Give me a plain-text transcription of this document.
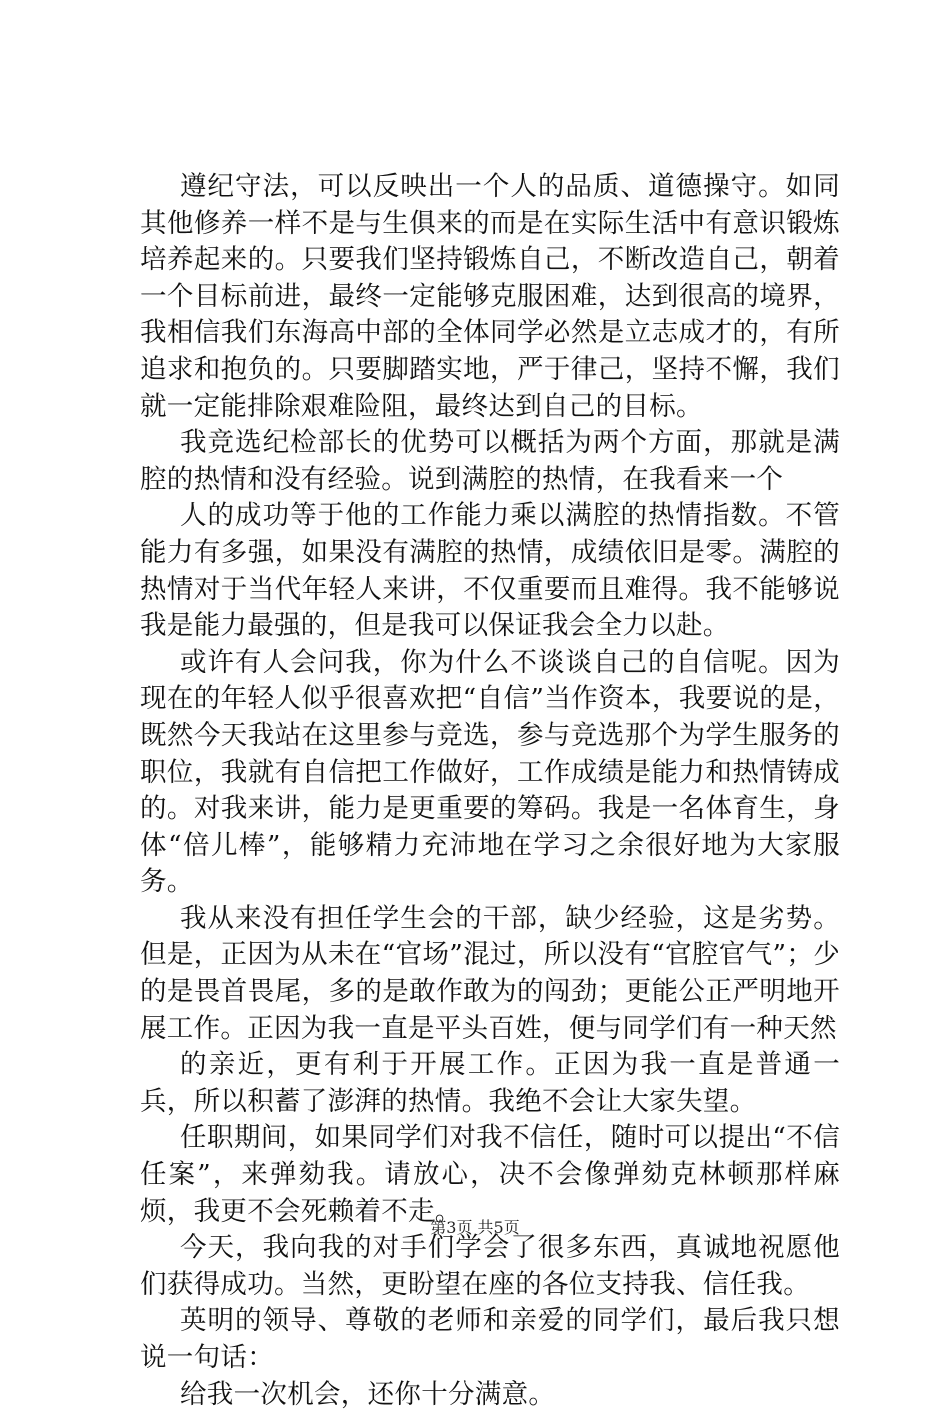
遵纪守法，可以反映出一个人的品质、道德操守。如同其他修养一样不是与生俱来的而是在实际生活中有意识锻炼培养起来的。只要我们坚持锻炼自己，不断改造自己，朝着一个目标前进，最终一定能够克服困难，达到很高的境界，我相信我们东海高中部的全体同学必然是立志成才的，有所追求和抱负的。只要脚踏实地，严于律己，坚持不懈，我们就一定能排除艰难险阻，最终达到自己的目标。

我竞选纪检部长的优势可以概括为两个方面，那就是满腔的热情和没有经验。说到满腔的热情，在我看来一个

人的成功等于他的工作能力乘以满腔的热情指数。不管能力有多强，如果没有满腔的热情，成绩依旧是零。满腔的热情对于当代年轻人来讲，不仅重要而且难得。我不能够说我是能力最强的，但是我可以保证我会全力以赴。

或许有人会问我，你为什么不谈谈自己的自信呢。因为现在的年轻人似乎很喜欢把“自信”当作资本，我要说的是，既然今天我站在这里参与竞选，参与竞选那个为学生服务的职位，我就有自信把工作做好，工作成绩是能力和热情铸成的。对我来讲，能力是更重要的筹码。我是一名体育生，身体“倍儿棒”，能够精力充沛地在学习之余很好地为大家服务。

我从来没有担任学生会的干部，缺少经验，这是劣势。但是，正因为从未在“官场”混过，所以没有“官腔官气”；少的是畏首畏尾，多的是敢作敢为的闯劲；更能公正严明地开展工作。正因为我一直是平头百姓，便与同学们有一种天然

的亲近，更有利于开展工作。正因为我一直是普通一兵，所以积蓄了澎湃的热情。我绝不会让大家失望。

任职期间，如果同学们对我不信任，随时可以提出“不信任案”，来弹劾我。请放心，决不会像弹劾克林顿那样麻烦，我更不会死赖着不走。

今天，我向我的对手们学会了很多东西，真诚地祝愿他们获得成功。当然，更盼望在座的各位支持我、信任我。

英明的领导、尊敬的老师和亲爱的同学们，最后我只想说一句话：

给我一次机会，还你十分满意。

第3页 共5页
